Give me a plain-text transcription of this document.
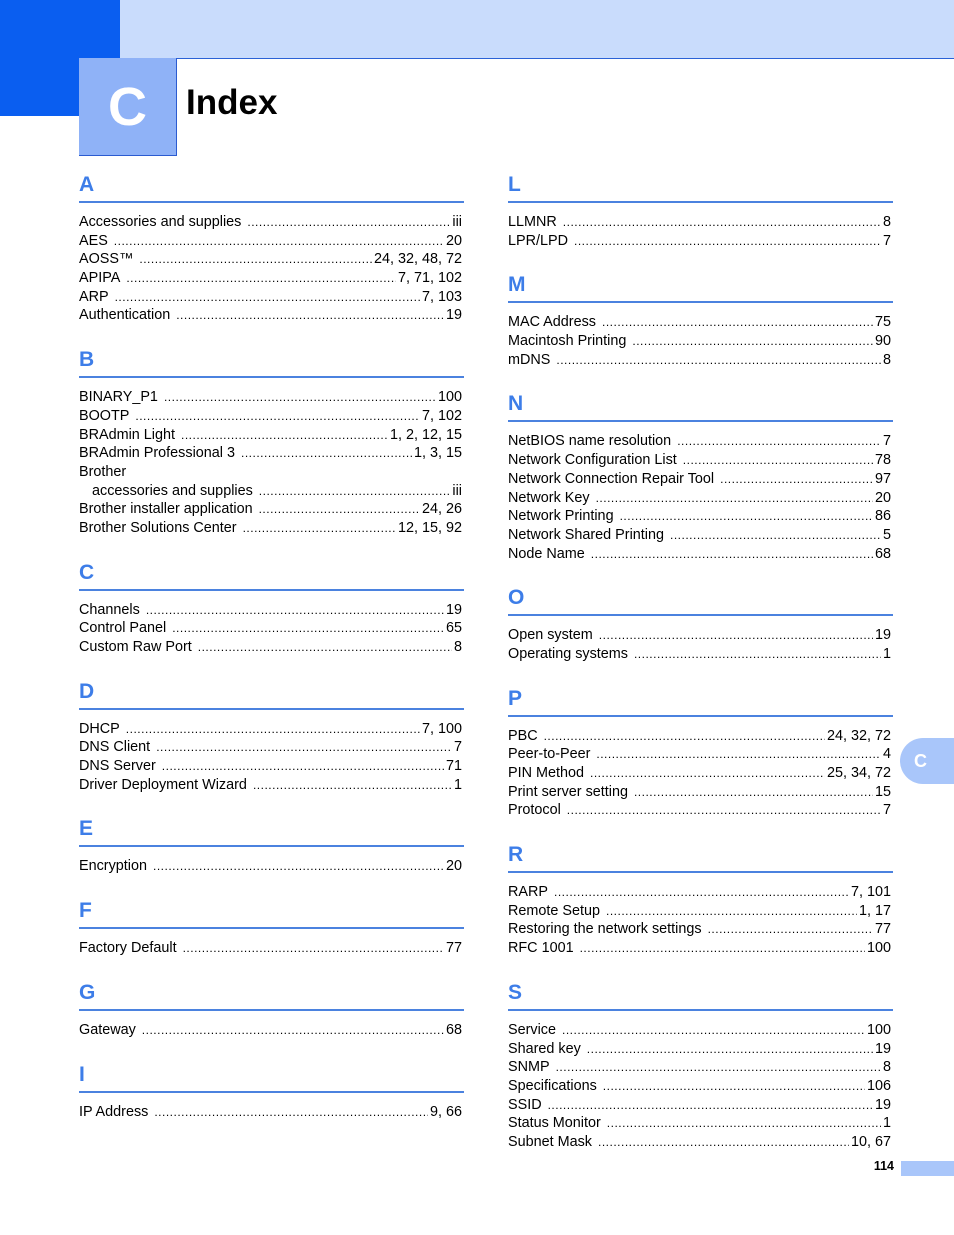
C	Index
A
Accessories and supplies .....	iii
AES .....	20
AOSS™ .....	24, 32, 48, 72
APIPA .....	7, 71, 102
ARP .....	7, 103
Authentication .....	19
B
BINARY_P1 .....	100
BOOTP .....	7, 102
BRAdmin Light .....	1, 2, 12, 15
BRAdmin Professional 3 .....	1, 3, 15
Brother
accessories and supplies .....	iii
Brother installer application .....	24, 26
Brother Solutions Center .....	12, 15, 92
C
Channels .....	19
Control Panel .....	65
Custom Raw Port .....	8
D
DHCP .....	7, 100
DNS Client .....	7
DNS Server .....	71
Driver Deployment Wizard .....	1
E
Encryption .....	20
F
Factory Default .....	77
G
Gateway .....	68
I
IP Address .....	9, 66
L
LLMNR .....	8
LPR/LPD .....	7
M
MAC Address .....	75
Macintosh Printing .....	90
mDNS .....	8
N
NetBIOS name resolution .....	7
Network Configuration List .....	78
Network Connection Repair Tool .....	97
Network Key .....	20
Network Printing .....	86
Network Shared Printing .....	5
Node Name .....	68
O
Open system .....	19
Operating systems .....	1
P
PBC .....	24, 32, 72
Peer-to-Peer .....	4
PIN Method .....	25, 34, 72
Print server setting .....	15
Protocol .....	7
R
RARP .....	7, 101
Remote Setup .....	1, 17
Restoring the network settings .....	77
RFC 1001 .....	100
S
Service .....	100
Shared key .....	19
SNMP .....	8
Specifications .....	106
SSID .....	19
Status Monitor .....	1
Subnet Mask .....	10, 67
C
114
